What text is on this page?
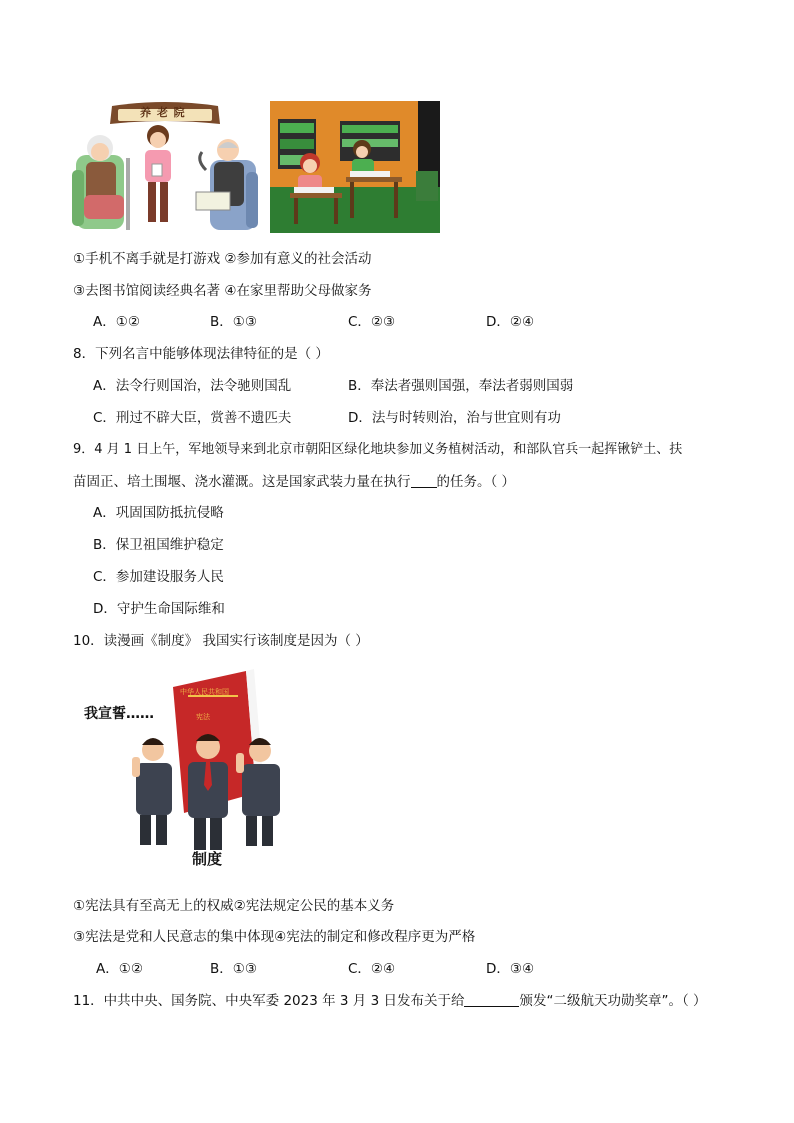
养 老 院
①手机不离手就是打游戏 ②参加有意义的社会活动
③去图书馆阅读经典名著 ④在家里帮助父母做家务
A．①②	B．①③	C．②③	D．②④
8．下列名言中能够体现法律特征的是（ ）
A．法令行则国治，法令驰则国乱	B．奉法者强则国强，奉法者弱则国弱
C．刑过不辟大臣，赏善不遗匹夫	D．法与时转则治，治与世宜则有功
9．4 月 1 日上午，军地领导来到北京市朝阳区绿化地块参加义务植树活动，和部队官兵一起挥锹铲土、扶
苗固正、培土围堰、浇水灌溉。这是国家武装力量在执行 的任务。（ ）
A．巩固国防抵抗侵略
B．保卫祖国维护稳定
C．参加建设服务人民
D．守护生命国际维和
10．读漫画《制度》 我国实行该制度是因为（ ）
中华人民共和国
宪法
我宣誓……
制度
①宪法具有至高无上的权威②宪法规定公民的基本义务
③宪法是党和人民意志的集中体现④宪法的制定和修改程序更为严格
A．①②	B．①③	C．②④	D．③④
11．中共中央、国务院、中央军委 2023 年 3 月 3 日发布关于给	颁发“二级航天功勋奖章”。（ ）
